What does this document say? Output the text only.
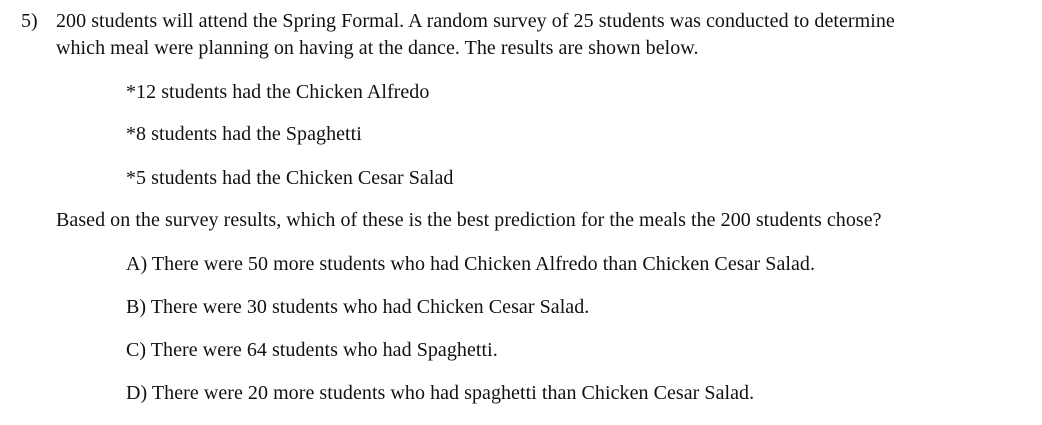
5) 200 students will attend the Spring Formal. A random survey of 25 students was conducted to determine
which meal were planning on having at the dance. The results are shown below.
*12 students had the Chicken Alfredo
*8 students had the Spaghetti
*5 students had the Chicken Cesar Salad
Based on the survey results, which of these is the best prediction for the meals the 200 students chose?
A) There were 50 more students who had Chicken Alfredo than Chicken Cesar Salad.
B) There were 30 students who had Chicken Cesar Salad.
C) There were 64 students who had Spaghetti.
D) There were 20 more students who had spaghetti than Chicken Cesar Salad.
